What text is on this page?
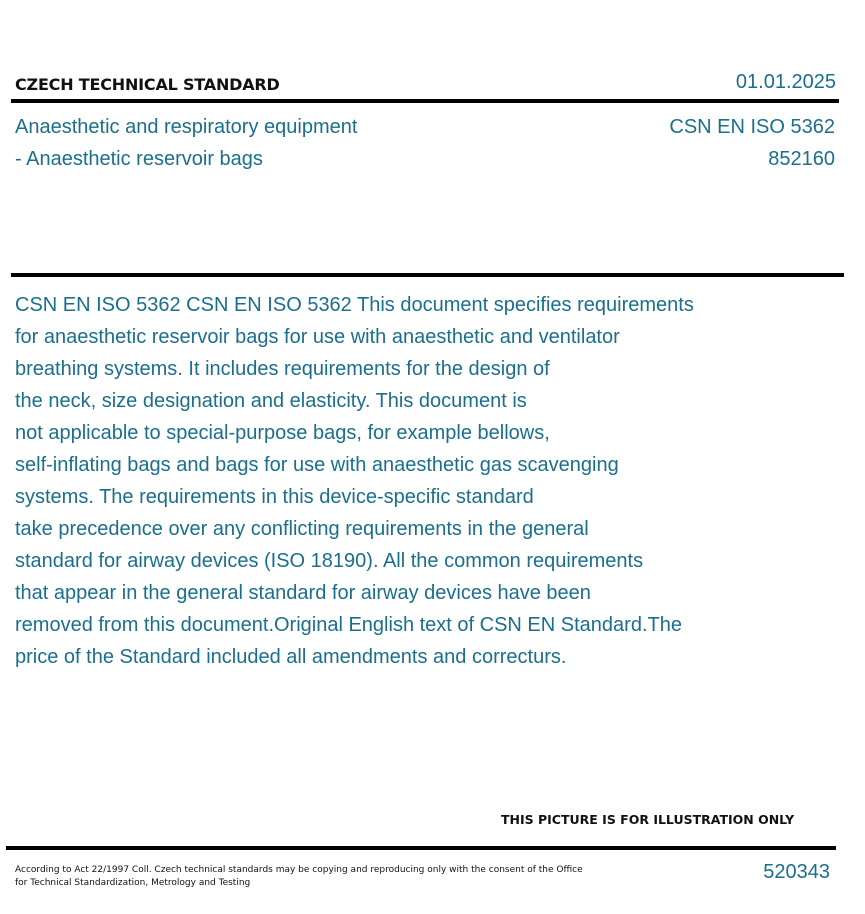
CZECH TECHNICAL STANDARD	01.01.2025
Anaesthetic and respiratory equipment
- Anaesthetic reservoir bags
CSN EN ISO 5362
852160

CSN EN ISO 5362 CSN EN ISO 5362 This document specifies requirements
for anaesthetic reservoir bags for use with anaesthetic and ventilator
breathing systems. It includes requirements for the design of
the neck, size designation and elasticity. This document is
not applicable to special-purpose bags, for example bellows,
self-inflating bags and bags for use with anaesthetic gas scavenging
systems. The requirements in this device-specific standard
take precedence over any conflicting requirements in the general
standard for airway devices (ISO 18190). All the common requirements
that appear in the general standard for airway devices have been
removed from this document.Original English text of CSN EN Standard.The
price of the Standard included all amendments and correcturs.

THIS PICTURE IS FOR ILLUSTRATION ONLY
According to Act 22/1997 Coll. Czech technical standards may be copying and reproducing only with the consent of the Office
for Technical Standardization, Metrology and Testing	520343
